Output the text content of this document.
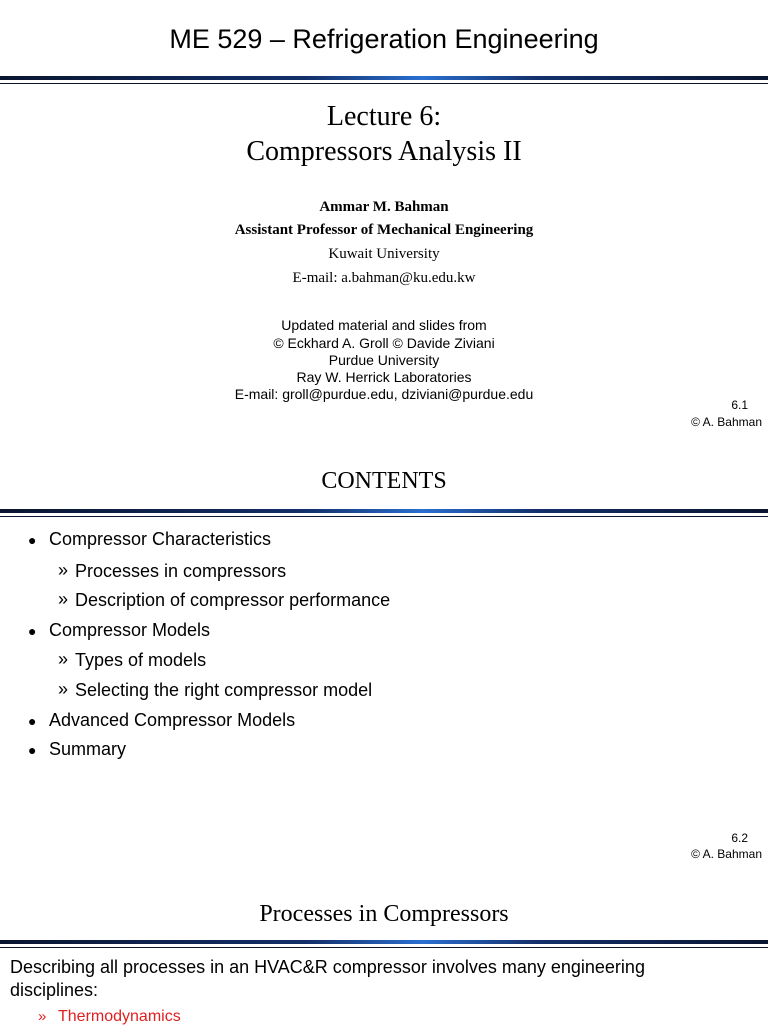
ME 529 – Refrigeration Engineering
Lecture 6:
Compressors Analysis II
Ammar M. Bahman
Assistant Professor of Mechanical Engineering
Kuwait University
E-mail: a.bahman@ku.edu.kw
Updated material and slides from
© Eckhard A. Groll © Davide Ziviani
Purdue University
Ray W. Herrick Laboratories
E-mail: groll@purdue.edu, dziviani@purdue.edu
6.1
© A. Bahman
CONTENTS
● Compressor Characteristics
» Processes in compressors
» Description of compressor performance
● Compressor Models
» Types of models
» Selecting the right compressor model
● Advanced Compressor Models
● Summary
6.2
© A. Bahman
Processes in Compressors
Describing all processes in an HVAC&R compressor involves many engineering
disciplines:
» Thermodynamics
